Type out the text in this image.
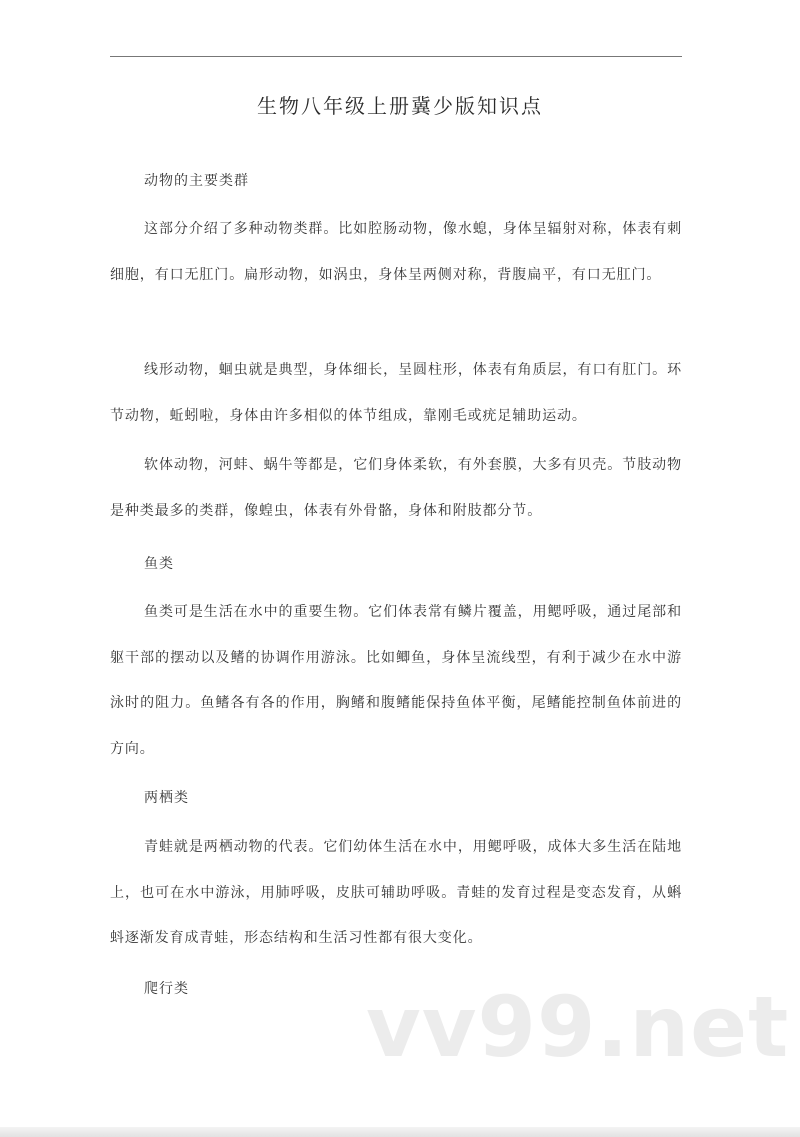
生物八年级上册冀少版知识点
动物的主要类群

这部分介绍了多种动物类群。比如腔肠动物，像水螅，身体呈辐射对称，体表有刺细胞，有口无肛门。扁形动物，如涡虫，身体呈两侧对称，背腹扁平，有口无肛门。

线形动物，蛔虫就是典型，身体细长，呈圆柱形，体表有角质层，有口有肛门。环节动物，蚯蚓啦，身体由许多相似的体节组成，靠刚毛或疣足辅助运动。

软体动物，河蚌、蜗牛等都是，它们身体柔软，有外套膜，大多有贝壳。节肢动物是种类最多的类群，像蝗虫，体表有外骨骼，身体和附肢都分节。

鱼类

鱼类可是生活在水中的重要生物。它们体表常有鳞片覆盖，用鳃呼吸，通过尾部和躯干部的摆动以及鳍的协调作用游泳。比如鲫鱼，身体呈流线型，有利于减少在水中游泳时的阻力。鱼鳍各有各的作用，胸鳍和腹鳍能保持鱼体平衡，尾鳍能控制鱼体前进的方向。

两栖类

青蛙就是两栖动物的代表。它们幼体生活在水中，用鳃呼吸，成体大多生活在陆地上，也可在水中游泳，用肺呼吸，皮肤可辅助呼吸。青蛙的发育过程是变态发育，从蝌蚪逐渐发育成青蛙，形态结构和生活习性都有很大变化。

爬行类 vv99.net
